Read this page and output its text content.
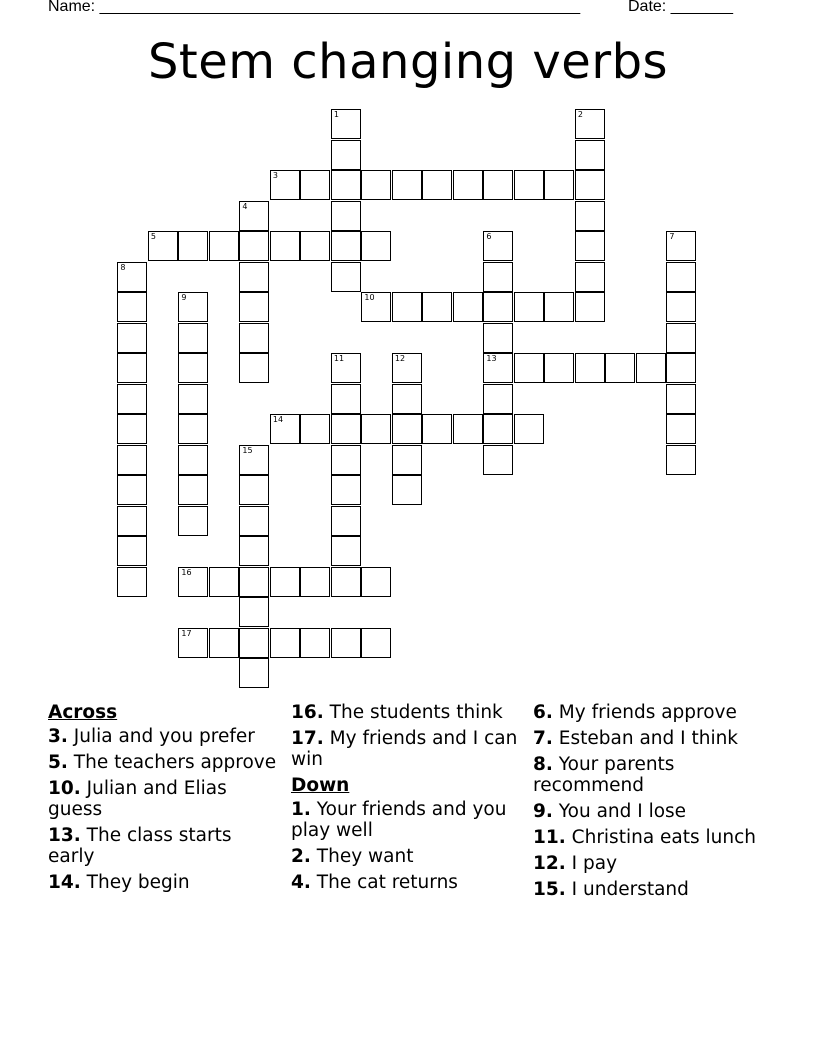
Name: ______________________________________________________	Date: _______
Stem changing verbs
1	2
3
4
5	6
13
7
8
9	10
11	12
14
15
16
17
Across
3. Julia and you prefer
5. The teachers approve
10. Julian and Elias guess
13. The class starts early
14. They begin
16. The students think
17. My friends and I can win
Down
1. Your friends and you play well
2. They want
4. The cat returns
6. My friends approve
7. Esteban and I think
8. Your parents recommend
9. You and I lose
11. Christina eats lunch
12. I pay
15. I understand
